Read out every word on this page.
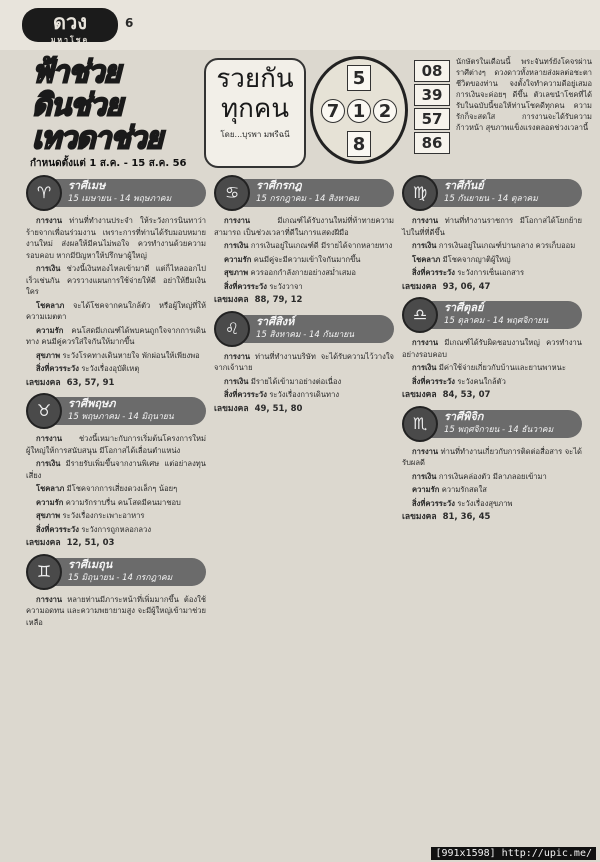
ดวง
มหาโชค
6
ฟ้าช่วย
ดินช่วย
เทวดาช่วย
กำหนดตั้งแต่ 1 ส.ค. - 15 ส.ค. 56
รวยกันทุกคน
โดย...บุรพา มพรีฉนี
5
7 1 2
8
08
39
57
86
นักษัตรในเดือนนี้ พระจันทร์ยังโคจรผ่านราศีต่างๆ ดวงดาวทั้งหลายส่งผลต่อชะตาชีวิตของท่าน จงตั้งใจทำความดีอยู่เสมอ การเงินจะค่อยๆ ดีขึ้น ตัวเลขนำโชคที่ได้รับในฉบับนี้ขอให้ท่านโชคดีทุกคน ความรักก็จะสดใส การงานจะได้รับความก้าวหน้า สุขภาพแข็งแรงตลอดช่วงเวลานี้
ราศีเมษ
15 เมษายน - 14 พฤษภาคม
♈

การงาน ท่านที่ทำงานประจำ ให้ระวังการนินทาว่าร้ายจากเพื่อนร่วมงาน เพราะการที่ท่านได้รับมอบหมายงานใหม่ ส่งผลให้มีคนไม่พอใจ ควรทำงานด้วยความรอบคอบ หากมีปัญหาให้ปรึกษาผู้ใหญ่

การเงิน ช่วงนี้เงินทองไหลเข้ามาดี แต่ก็ไหลออกไปเร็วเช่นกัน ควรวางแผนการใช้จ่ายให้ดี อย่าให้ยืมเงินใคร

โชคลาภ จะได้โชคจากคนใกล้ตัว หรือผู้ใหญ่ที่ให้ความเมตตา

ความรัก คนโสดมีเกณฑ์ได้พบคนถูกใจจากการเดินทาง คนมีคู่ควรใส่ใจกันให้มากขึ้น

สุขภาพ ระวังโรคทางเดินหายใจ พักผ่อนให้เพียงพอ

สิ่งที่ควรระวัง ระวังเรื่องอุบัติเหตุ

เลขมงคล 63, 57, 91
ราศีพฤษภ
15 พฤษภาคม - 14 มิถุนายน
♉

การงาน ช่วงนี้เหมาะกับการเริ่มต้นโครงการใหม่ ผู้ใหญ่ให้การสนับสนุน มีโอกาสได้เลื่อนตำแหน่ง

การเงิน มีรายรับเพิ่มขึ้นจากงานพิเศษ แต่อย่าลงทุนเสี่ยง

โชคลาภ มีโชคจากการเสี่ยงดวงเล็กๆ น้อยๆ

ความรัก ความรักราบรื่น คนโสดมีคนมาชอบ

สุขภาพ ระวังเรื่องกระเพาะอาหาร

สิ่งที่ควรระวัง ระวังการถูกหลอกลวง

เลขมงคล 12, 51, 03
ราศีเมถุน
15 มิถุนายน - 14 กรกฎาคม
♊

การงาน หลายท่านมีภาระหน้าที่เพิ่มมากขึ้น ต้องใช้ความอดทน และความพยายามสูง จะมีผู้ใหญ่เข้ามาช่วยเหลือ

ราศีกรกฎ
15 กรกฎาคม - 14 สิงหาคม
♋

การงาน	มีเกณฑ์ได้รับงานใหม่ที่ท้าทายความสามารถ เป็นช่วงเวลาที่ดีในการแสดงฝีมือ

การเงิน การเงินอยู่ในเกณฑ์ดี มีรายได้จากหลายทาง

ความรัก คนมีคู่จะมีความเข้าใจกันมากขึ้น

สุขภาพ ควรออกกำลังกายอย่างสม่ำเสมอ

สิ่งที่ควรระวัง ระวังวาจา

เลขมงคล 88, 79, 12
ราศีสิงห์
15 สิงหาคม - 14 กันยายน
♌

การงาน ท่านที่ทำงานบริษัท จะได้รับความไว้วางใจจากเจ้านาย

การเงิน มีรายได้เข้ามาอย่างต่อเนื่อง

สิ่งที่ควรระวัง ระวังเรื่องการเดินทาง

เลขมงคล 49, 51, 80
ราศีกันย์
15 กันยายน - 14 ตุลาคม
♍

การงาน ท่านที่ทำงานราชการ มีโอกาสได้โยกย้ายไปในที่ที่ดีขึ้น

การเงิน การเงินอยู่ในเกณฑ์ปานกลาง ควรเก็บออม

โชคลาภ มีโชคจากญาติผู้ใหญ่

สิ่งที่ควรระวัง ระวังการเซ็นเอกสาร

เลขมงคล 93, 06, 47
ราศีตุลย์
15 ตุลาคม - 14 พฤศจิกายน
♎

การงาน มีเกณฑ์ได้รับผิดชอบงานใหญ่ ควรทำงานอย่างรอบคอบ

การเงิน มีค่าใช้จ่ายเกี่ยวกับบ้านและยานพาหนะ

สิ่งที่ควรระวัง ระวังคนใกล้ตัว

เลขมงคล 84, 53, 07
ราศีพิจิก
15 พฤศจิกายน - 14 ธันวาคม
♏

การงาน ท่านที่ทำงานเกี่ยวกับการติดต่อสื่อสาร จะได้รับผลดี

การเงิน การเงินคล่องตัว มีลาภลอยเข้ามา

ความรัก ความรักสดใส

สิ่งที่ควรระวัง ระวังเรื่องสุขภาพ

เลขมงคล 81, 36, 45
[991x1598] http://upic.me/
